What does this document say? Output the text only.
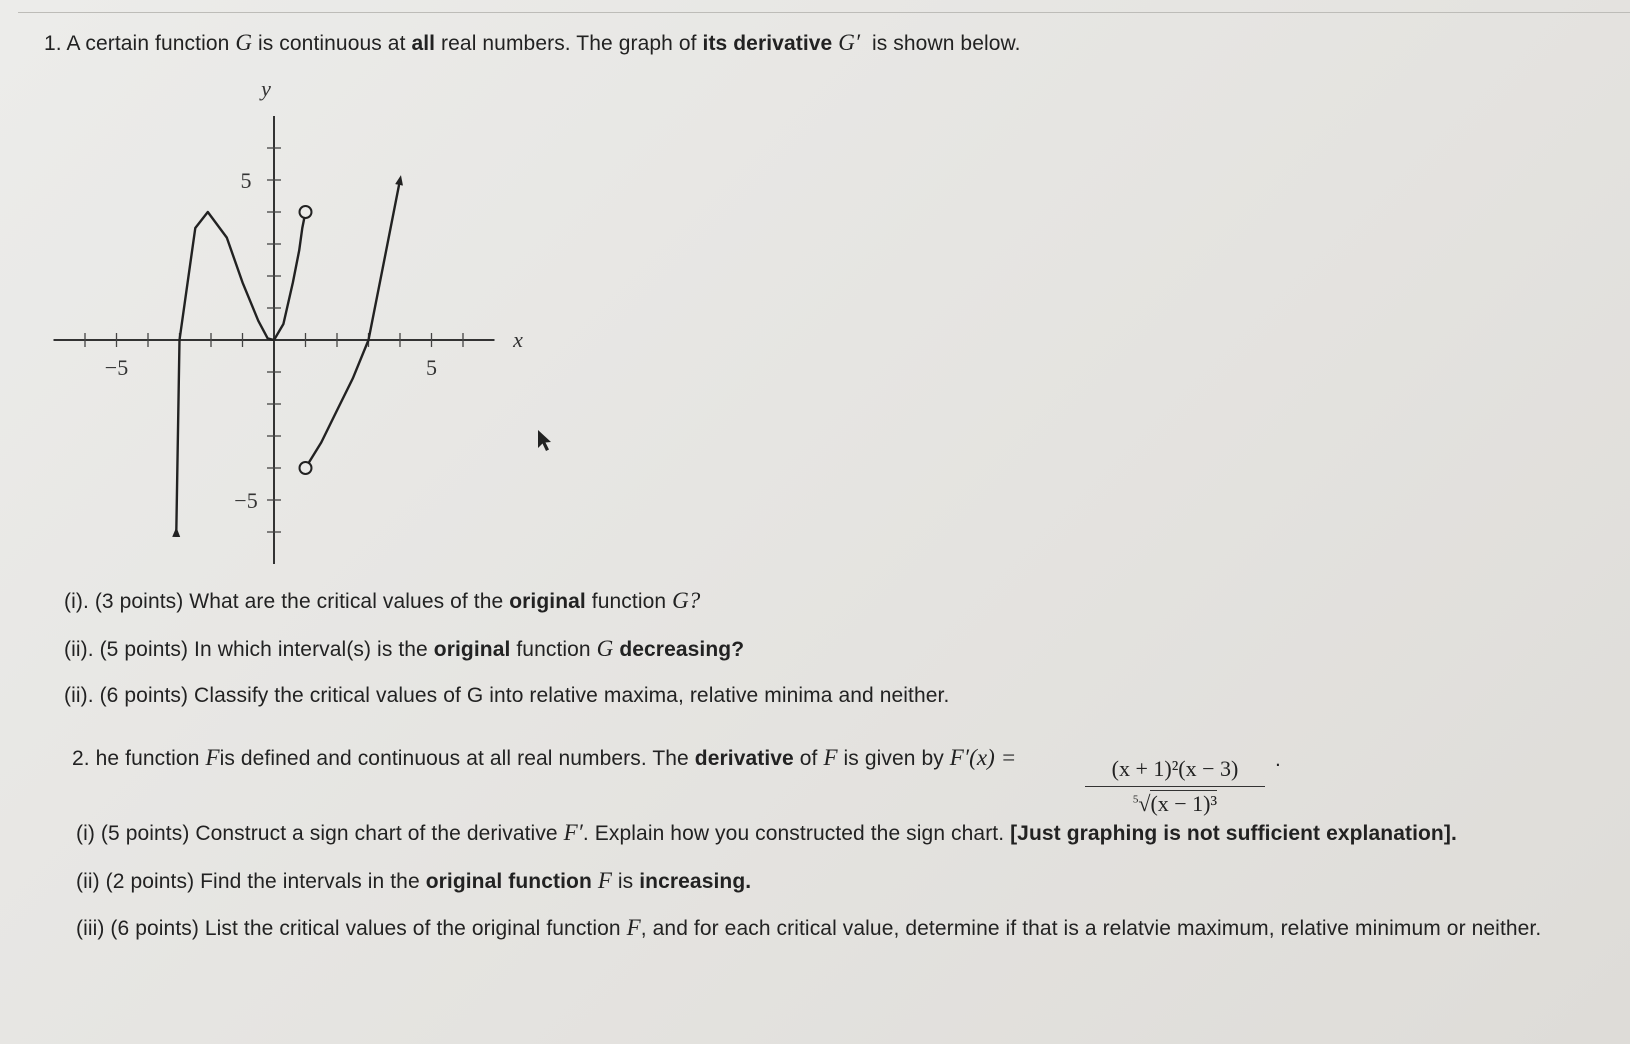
1. A certain function G is continuous at all real numbers. The graph of its derivative G′ is shown below.
−5	5
5
−5
x
y
(i). (3 points) What are the critical values of the original function G?
(ii). (5 points) In which interval(s) is the original function G decreasing?
(ii). (6 points) Classify the critical values of G into relative maxima, relative minima and neither.
2. he function Fis defined and continuous at all real numbers. The derivative of F is given by F′(x) =	(x + 1)²(x − 3)
$^5$√(x − 1)³
.
(i) (5 points) Construct a sign chart of the derivative F′. Explain how you constructed the sign chart. [Just graphing is not sufficient explanation].
(ii) (2 points) Find the intervals in the original function F is increasing.
(iii) (6 points) List the critical values of the original function F, and for each critical value, determine if that is a relatvie maximum, relative minimum or neither.
